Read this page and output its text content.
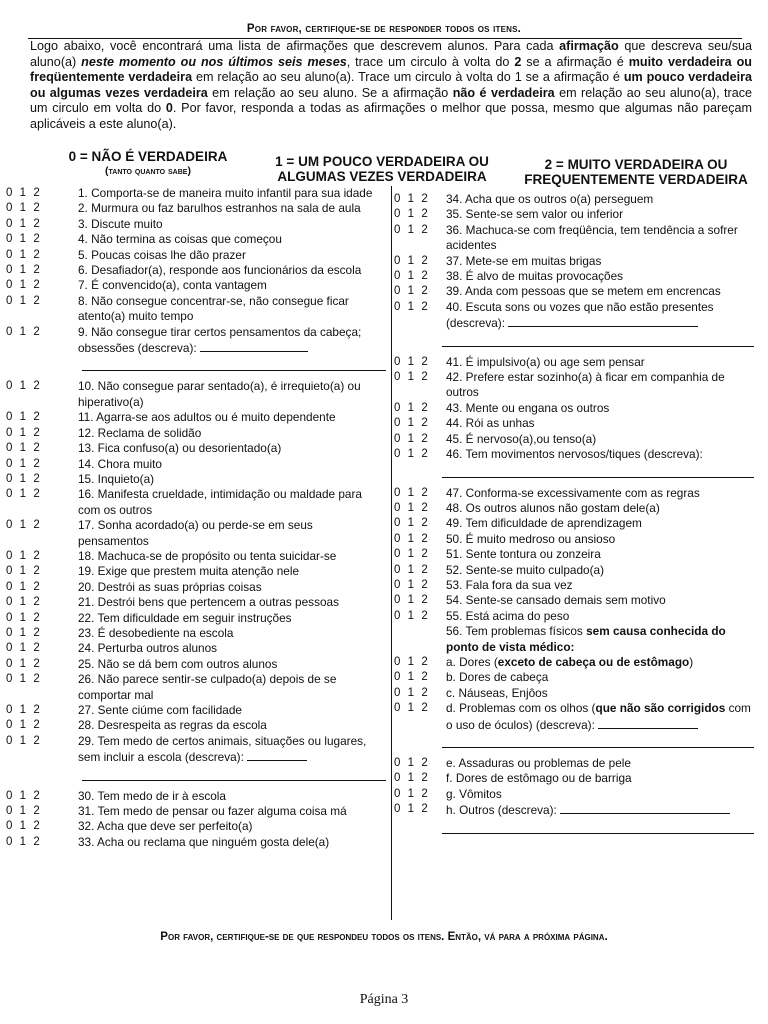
Por favor, certifique-se de responder todos os itens.
Logo abaixo, você encontrará uma lista de afirmações que descrevem alunos. Para cada afirmação que descreva seu/sua aluno(a) neste momento ou nos últimos seis meses, trace um circulo à volta do 2 se a afirmação é muito verdadeira ou freqüentemente verdadeira em relação ao seu aluno(a). Trace um circulo à volta do 1 se a afirmação é um pouco verdadeira ou algumas vezes verdadeira em relação ao seu aluno. Se a afirmação não é verdadeira em relação ao seu aluno(a), trace um circulo em volta do 0. Por favor, responda a todas as afirmações o melhor que possa, mesmo que algumas não pareçam aplicáveis a este aluno(a).
0 = NÃO É VERDADEIRA
(tanto quanto sabe)
1 = UM POUCO VERDADEIRA OU ALGUMAS VEZES VERDADEIRA
2 = MUITO VERDADEIRA OU FREQUENTEMENTE VERDADEIRA
0  1  2	1. Comporta-se de maneira muito infantil para sua idade
0  1  2	2. Murmura ou faz barulhos estranhos na sala de aula
0  1  2	3. Discute muito
0  1  2	4. Não termina as coisas que começou
0  1  2	5. Poucas coisas lhe dão prazer
0  1  2	6. Desafiador(a), responde aos funcionários da escola
0  1  2	7. É convencido(a), conta vantagem
0  1  2	8. Não consegue concentrar-se, não consegue ficar atento(a) muito tempo
0  1  2	9. Não consegue tirar certos pensamentos da cabeça; obsessões (descreva):
0  1  2	10. Não consegue parar sentado(a), é irrequieto(a) ou hiperativo(a)
0  1  2	11. Agarra-se aos adultos ou é muito dependente
0  1  2	12. Reclama de solidão
0  1  2	13. Fica confuso(a) ou desorientado(a)
0  1  2	14. Chora muito
0  1  2	15. Inquieto(a)
0  1  2	16. Manifesta crueldade, intimidação ou maldade para com os outros
0  1  2	17. Sonha acordado(a) ou perde-se em seus pensamentos
0  1  2	18. Machuca-se de propósito ou tenta suicidar-se
0  1  2	19. Exige que prestem muita atenção nele
0  1  2	20. Destrói as suas próprias coisas
0  1  2	21. Destrói bens que pertencem a outras pessoas
0  1  2	22. Tem dificuldade em seguir instruções
0  1  2	23. É desobediente na escola
0  1  2	24. Perturba outros alunos
0  1  2	25. Não se dá bem com outros alunos
0  1  2	26. Não parece sentir-se culpado(a) depois de se comportar mal
0  1  2	27. Sente ciúme com facilidade
0  1  2	28. Desrespeita as regras da escola
0  1  2	29. Tem medo de certos animais, situações ou lugares, sem incluir a escola (descreva):
0  1  2	30. Tem medo de ir à escola
0  1  2	31. Tem medo de pensar ou fazer alguma coisa má
0  1  2	32. Acha que deve ser perfeito(a)
0  1  2	33. Acha ou reclama que ninguém gosta dele(a)
0  1  2	34. Acha que os outros o(a) perseguem
0  1  2	35. Sente-se sem valor ou inferior
0  1  2	36. Machuca-se com freqüência, tem tendência a sofrer acidentes
0  1  2	37. Mete-se em muitas brigas
0  1  2	38. É alvo de muitas provocações
0  1  2	39. Anda com pessoas que se metem em encrencas
0  1  2	40. Escuta sons ou vozes que não estão presentes (descreva):
0  1  2	41. É impulsivo(a) ou age sem pensar
0  1  2	42. Prefere estar sozinho(a) à ficar em companhia de outros
0  1  2	43. Mente ou engana os outros
0  1  2	44. Rói as unhas
0  1  2	45. É nervoso(a),ou tenso(a)
0  1  2	46. Tem movimentos nervosos/tiques (descreva):
0  1  2	47. Conforma-se excessivamente com as regras
0  1  2	48. Os outros alunos não gostam dele(a)
0  1  2	49. Tem dificuldade de aprendizagem
0  1  2	50. É muito medroso ou ansioso
0  1  2	51. Sente tontura ou zonzeira
0  1  2	52. Sente-se muito culpado(a)
0  1  2	53. Fala fora da sua vez
0  1  2	54. Sente-se cansado demais sem motivo
0  1  2	55. Está acima do peso
56. Tem problemas físicos sem causa conhecida do ponto de vista médico:
0  1  2	a. Dores (exceto de cabeça ou de estômago)
0  1  2	b. Dores de cabeça
0  1  2	c. Náuseas, Enjôos
0  1  2	d. Problemas com os olhos (que não são corrigidos com o uso de óculos) (descreva):
0  1  2	e. Assaduras ou problemas de pele
0  1  2	f. Dores de estômago ou de barriga
0  1  2	g. Vômitos
0  1  2	h. Outros (descreva):
Por favor, certifique-se de que respondeu todos os itens. Então, vá para a próxima página.
Página 3
